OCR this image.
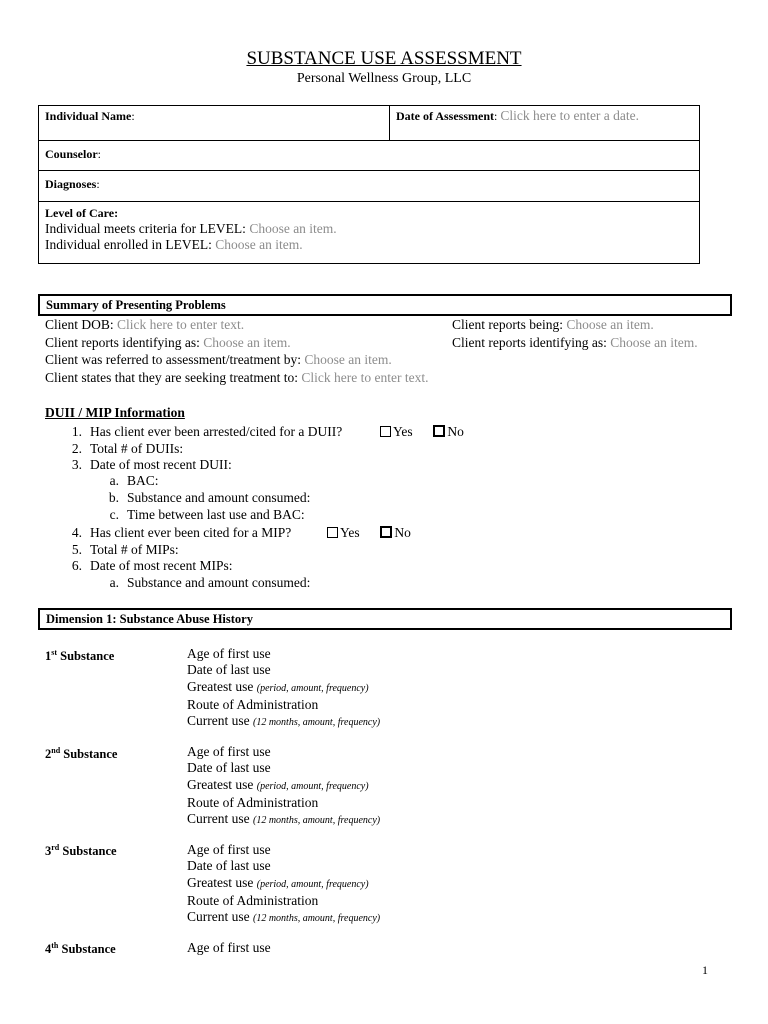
SUBSTANCE USE ASSESSMENT
Personal Wellness Group, LLC
Individual Name:	Date of Assessment: Click here to enter a date.
Counselor:
Diagnoses:
Level of Care:
Individual meets criteria for LEVEL: Choose an item.
Individual enrolled in LEVEL: Choose an item.
Summary of Presenting Problems
Client DOB: Click here to enter text.	Client reports being: Choose an item.
Client reports identifying as: Choose an item.	Client reports identifying as: Choose an item.
Client was referred to assessment/treatment by: Choose an item.
Client states that they are seeking treatment to: Click here to enter text.
DUII / MIP Information
1. Has client ever been arrested/cited for a DUII?	Yes	No
2. Total # of DUIIs:
3. Date of most recent DUII:
a. BAC:
b. Substance and amount consumed:
c. Time between last use and BAC:
4. Has client ever been cited for a MIP?	Yes	No
5. Total # of MIPs:
6. Date of most recent MIPs:
a. Substance and amount consumed:
Dimension 1: Substance Abuse History
1st Substance	Age of first use
Date of last use
Greatest use (period, amount, frequency)
Route of Administration
Current use (12 months, amount, frequency)
2nd Substance	Age of first use
Date of last use
Greatest use (period, amount, frequency)
Route of Administration
Current use (12 months, amount, frequency)
3rd Substance	Age of first use
Date of last use
Greatest use (period, amount, frequency)
Route of Administration
Current use (12 months, amount, frequency)
4th Substance	Age of first use
1
